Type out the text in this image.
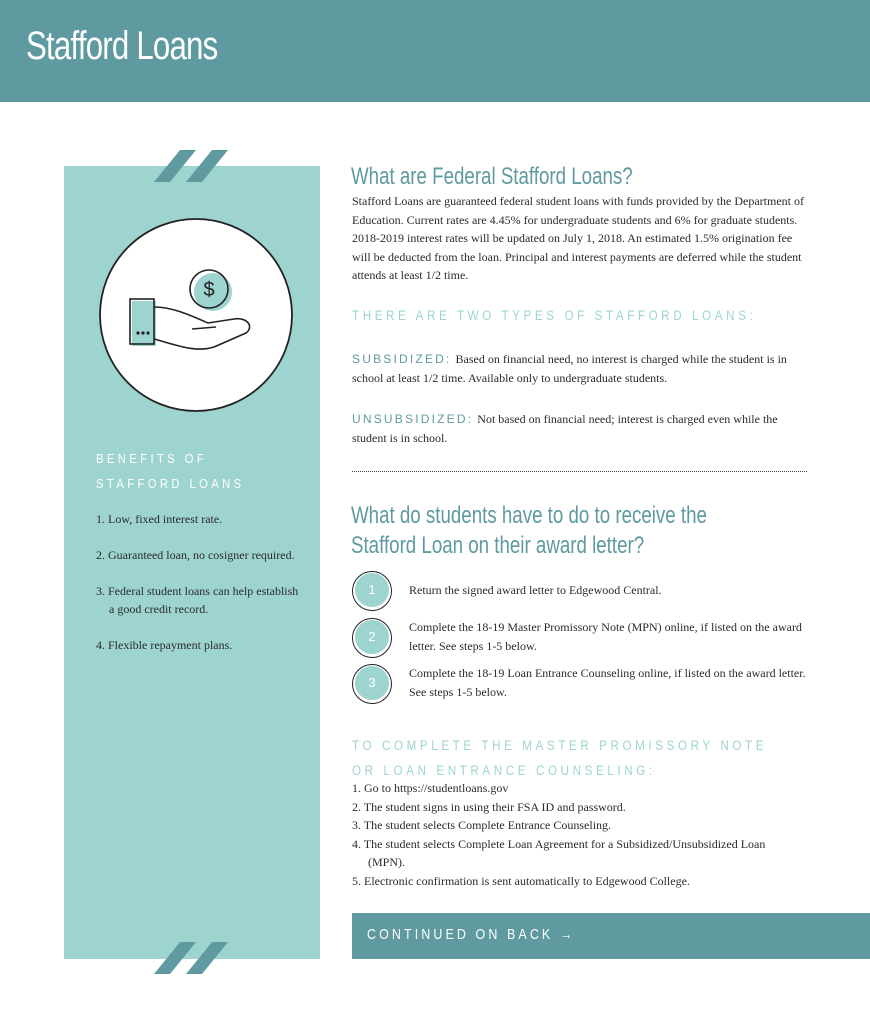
Stafford Loans
$
BENEFITS OF
STAFFORD LOANS
1. Low, fixed interest rate.
2. Guaranteed loan, no cosigner required.
3. Federal student loans can help establish a good credit record.
4. Flexible repayment plans.
What are Federal Stafford Loans?

Stafford Loans are guaranteed federal student loans with funds provided by the Department of Education. Current rates are 4.45% for undergraduate students and 6% for graduate students. 2018-2019 interest rates will be updated on July 1, 2018. An estimated 1.5% origination fee will be deducted from the loan. Principal and interest payments are deferred while the student attends at least 1/2 time.

THERE ARE TWO TYPES OF STAFFORD LOANS:

SUBSIDIZED: Based on financial need, no interest is charged while the student is in school at least 1/2 time. Available only to undergraduate students.

UNSUBSIDIZED: Not based on financial need; interest is charged even while the student is in school.

What do students have to do to receive the
Stafford Loan on their award letter?
1	Return the signed award letter to Edgewood Central.
2
Complete the 18-19 Master Promissory Note (MPN) online, if listed on the award letter. See steps 1-5 below.
3
Complete the 18-19 Loan Entrance Counseling online, if listed on the award letter. See steps 1-5 below.
TO COMPLETE THE MASTER PROMISSORY NOTE
OR LOAN ENTRANCE COUNSELING:
1. Go to https://studentloans.gov
2. The student signs in using their FSA ID and password.
3. The student selects Complete Entrance Counseling.
4. The student selects Complete Loan Agreement for a Subsidized/Unsubsidized Loan (MPN).
5. Electronic confirmation is sent automatically to Edgewood College.
CONTINUED ON BACK →
